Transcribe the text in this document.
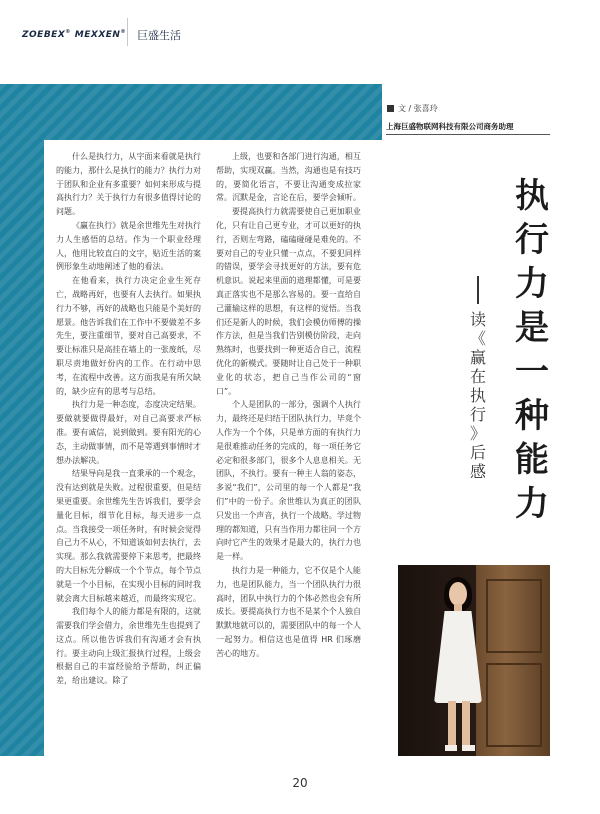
ZOEBEX® MEXXEN® 巨盛生活
文 / 张喜玲
上海巨盛物联网科技有限公司商务助理

什么是执行力，从字面来看就是执行的能力，那什么是执行的能力？执行力对于团队和企业有多重要？如何来形成与提高执行力？关于执行力有很多值得讨论的问题。

《赢在执行》就是余世维先生对执行力人生感悟的总结。作为一个职业经理人，他用比较直白的文字，贴近生活的案例形象生动地阐述了他的看法。

在他看来，执行力决定企业生死存亡，战略再好，也要有人去执行。如果执行力不够，再好的战略也只能是个美好的愿景。他告诉我们在工作中不要做差不多先生，要注重细节，要对自己高要求，不要让标准只是高挂在墙上的一张废纸，尽职尽责地做好份内的工作。在行动中思考，在流程中改善。这方面我是有所欠缺的，缺少应有的思考与总结。

执行力是一种态度，态度决定结果。要做就要做得最好，对自己高要求严标准。要有诚信，说到做到。要有阳光的心态，主动做事情，而不是等遇到事情时才想办法解决。

结果导向是我一直秉承的一个观念，没有达到就是失败。过程很重要，但是结果更重要。余世维先生告诉我们，要学会量化目标，细节化目标，每天进步一点点。当我接受一项任务时，有时候会觉得自己力不从心，不知道该如何去执行，去实现。那么我就需要停下来思考，把最终的大目标先分解成一个个节点，每个节点就是一个小目标，在实现小目标的同时我就会离大目标越来越近，而最终实现它。

我们每个人的能力都是有限的，这就需要我们学会借力，余世维先生也提到了这点。所以他告诉我们有沟通才会有执行。要主动向上级汇报执行过程，上级会根据自己的丰富经验给予帮助，纠正偏差，给出建议。除了

上级，也要和各部门进行沟通，相互帮助，实现双赢。当然，沟通也是有技巧的，要简化语言，不要让沟通变成拉家常。沉默是金，言论在后，要学会倾听。

要提高执行力就需要使自己更加职业化，只有让自己更专业，才可以更好的执行，否则左弯路，磕磕碰碰是难免的。不要对自己的专业只懂一点点，不要犯同样的错误，要学会寻找更好的方法，要有危机意识。说起来里面的道理都懂，可是要真正落实也不是那么容易的。要一直给自己灌输这样的思想，有这样的觉悟。当我们还是新人的时候，我们会模仿师傅的操作方法，但是当我们告别模仿阶段，走向熟练时，也要找到一种更适合自己，流程优化的新模式。要随时让自己处于一种职业化的状态，把自己当作公司的“窗口”。

个人是团队的一部分，强调个人执行力，最终还是归结于团队执行力，毕竟个人作为一个个体，只是单方面的有执行力是很难推动任务的完成的，每一项任务它必定和很多部门，很多个人息息相关。无团队，不执行。要有一种主人翁的姿态，多说“我们”，公司里的每一个人都是“我们”中的一份子。余世维认为真正的团队只发出一个声音，执行一个战略。学过物理的都知道，只有当作用力都往同一个方向时它产生的效果才是最大的，执行力也是一样。

执行力是一种能力，它不仅是个人能力，也是团队能力，当一个团队执行力很高时，团队中执行力的个体必然也会有所成长。要提高执行力也不是某个个人独自默默地就可以的，需要团队中的每一个人一起努力。相信这也是值得 HR 们琢磨苦心的地方。

执
行
力
是
一
种
能
力
读
《
赢
在
执
行
》
后
感
20
